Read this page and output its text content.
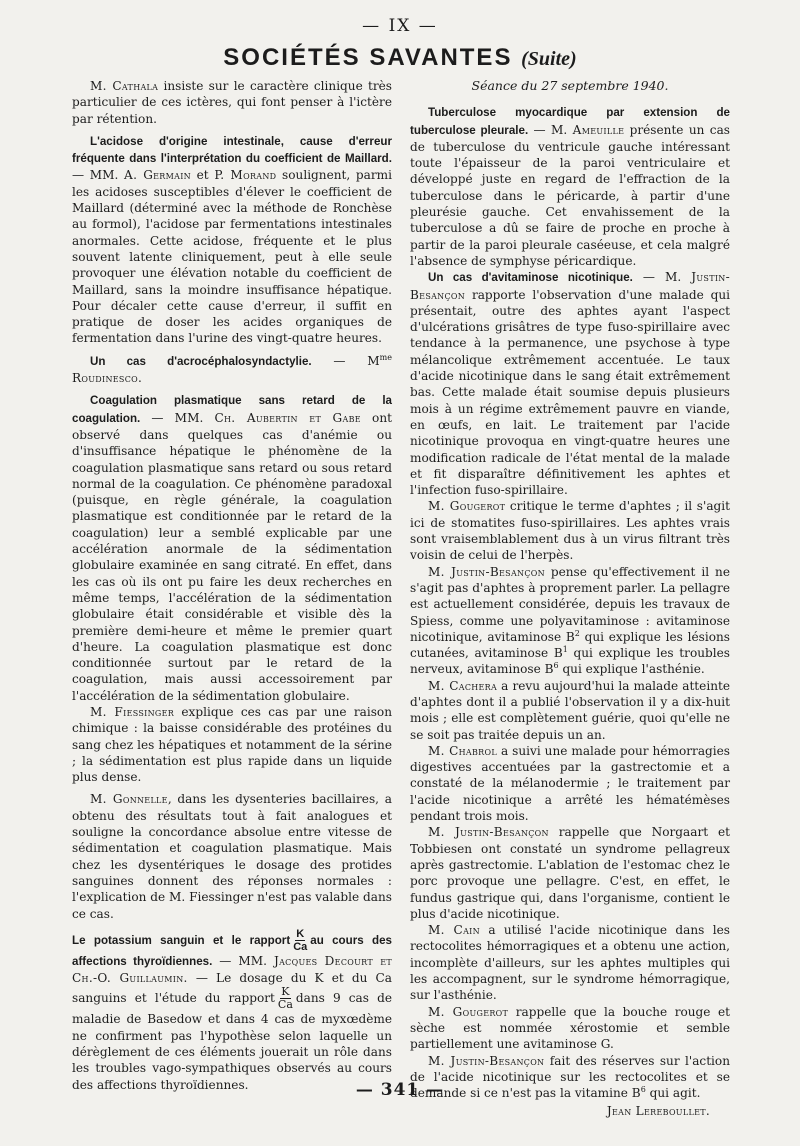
— IX —
SOCIÉTÉS SAVANTES (Suite)

M. Cathala insiste sur le caractère clinique très particulier de ces ictères, qui font penser à l'ictère par rétention.

L'acidose d'origine intestinale, cause d'erreur fréquente dans l'interprétation du coefficient de Maillard. — MM. A. Germain et P. Morand soulignent, parmi les acidoses susceptibles d'élever le coefficient de Maillard (déterminé avec la méthode de Ronchèse au formol), l'acidose par fermentations intestinales anormales. Cette acidose, fréquente et le plus souvent latente cliniquement, peut à elle seule provoquer une élévation notable du coefficient de Maillard, sans la moindre insuffisance hépatique. Pour décaler cette cause d'erreur, il suffit en pratique de doser les acides organiques de fermentation dans l'urine des vingt-quatre heures.

Un cas d'acrocéphalosyndactylie. — $M^{me}$ Roudinesco.

Coagulation plasmatique sans retard de la coagulation. — MM. Ch. Aubertin et Gabe ont observé dans quelques cas d'anémie ou d'insuffisance hépatique le phénomène de la coagulation plasmatique sans retard ou sous retard normal de la coagulation. Ce phénomène paradoxal (puisque, en règle générale, la coagulation plasmatique est conditionnée par le retard de la coagulation) leur a semblé explicable par une accélération anormale de la sédimentation globulaire examinée en sang citraté. En effet, dans les cas où ils ont pu faire les deux recherches en même temps, l'accélération de la sédimentation globulaire était considérable et visible dès la première demi-heure et même le premier quart d'heure. La coagulation plasmatique est donc conditionnée surtout par le retard de la coagulation, mais aussi accessoirement par l'accélération de la sédimentation globulaire.

M. Fiessinger explique ces cas par une raison chimique : la baisse considérable des protéines du sang chez les hépatiques et notamment de la sérine ; la sédimentation est plus rapide dans un liquide plus dense.

M. Gonnelle, dans les dysenteries bacillaires, a obtenu des résultats tout à fait analogues et souligne la concordance absolue entre vitesse de sédimentation et coagulation plasmatique. Mais chez les dysentériques le dosage des protides sanguines donnent des réponses normales : l'explication de M. Fiessinger n'est pas valable dans ce cas.

Le potassium sanguin et le rapport $\frac{K}{Ca}$ au cours des affections thyroïdiennes. — MM. Jacques Decourt et Ch.-O. Guillaumin. — Le dosage du K et du Ca sanguins et l'étude du rapport $\frac{K}{Ca}$ dans 9 cas de maladie de Basedow et dans 4 cas de myxœdème ne confirment pas l'hypothèse selon laquelle un dérèglement de ces éléments jouerait un rôle dans les troubles vago-sympathiques observés au cours des affections thyroïdiennes.

Séance du 27 septembre 1940.

Tuberculose myocardique par extension de tuberculose pleurale. — M. Ameuille présente un cas de tuberculose du ventricule gauche intéressant toute l'épaisseur de la paroi ventriculaire et développé juste en regard de l'effraction de la tuberculose dans le péricarde, à partir d'une pleurésie gauche. Cet envahissement de la tuberculose a dû se faire de proche en proche à partir de la paroi pleurale caséeuse, et cela malgré l'absence de symphyse péricardique.

Un cas d'avitaminose nicotinique. — M. Justin-Besançon rapporte l'observation d'une malade qui présentait, outre des aphtes ayant l'aspect d'ulcérations grisâtres de type fuso-spirillaire avec tendance à la permanence, une psychose à type mélancolique extrêmement accentuée. Le taux d'acide nicotinique dans le sang était extrêmement bas. Cette malade était soumise depuis plusieurs mois à un régime extrêmement pauvre en viande, en œufs, en lait. Le traitement par l'acide nicotinique provoqua en vingt-quatre heures une modification radicale de l'état mental de la malade et fit disparaître définitivement les aphtes et l'infection fuso-spirillaire.

M. Gougerot critique le terme d'aphtes ; il s'agit ici de stomatites fuso-spirillaires. Les aphtes vrais sont vraisemblablement dus à un virus filtrant très voisin de celui de l'herpès.

M. Justin-Besançon pense qu'effectivement il ne s'agit pas d'aphtes à proprement parler. La pellagre est actuellement considérée, depuis les travaux de Spiess, comme une polyavitaminose : avitaminose nicotinique, avitaminose $B^2$ qui explique les lésions cutanées, avitaminose $B^1$ qui explique les troubles nerveux, avitaminose $B^6$ qui explique l'asthénie.

M. Cachera a revu aujourd'hui la malade atteinte d'aphtes dont il a publié l'observation il y a dix-huit mois ; elle est complètement guérie, quoi qu'elle ne se soit pas traitée depuis un an.

M. Chabrol a suivi une malade pour hémorragies digestives accentuées par la gastrectomie et a constaté de la mélanodermie ; le traitement par l'acide nicotinique a arrêté les hématémèses pendant trois mois.

M. Justin-Besançon rappelle que Norgaart et Tobbiesen ont constaté un syndrome pellagreux après gastrectomie. L'ablation de l'estomac chez le porc provoque une pellagre. C'est, en effet, le fundus gastrique qui, dans l'organisme, contient le plus d'acide nicotinique.

M. Cain a utilisé l'acide nicotinique dans les rectocolites hémorragiques et a obtenu une action, incomplète d'ailleurs, sur les aphtes multiples qui les accompagnent, sur le syndrome hémorragique, sur l'asthénie.

M. Gougerot rappelle que la bouche rouge et sèche est nommée xérostomie et semble partiellement une avitaminose G.

M. Justin-Besançon fait des réserves sur l'action de l'acide nicotinique sur les rectocolites et se demande si ce n'est pas la vitamine $B^6$ qui agit.

Jean Lereboullet.

— 341 —
